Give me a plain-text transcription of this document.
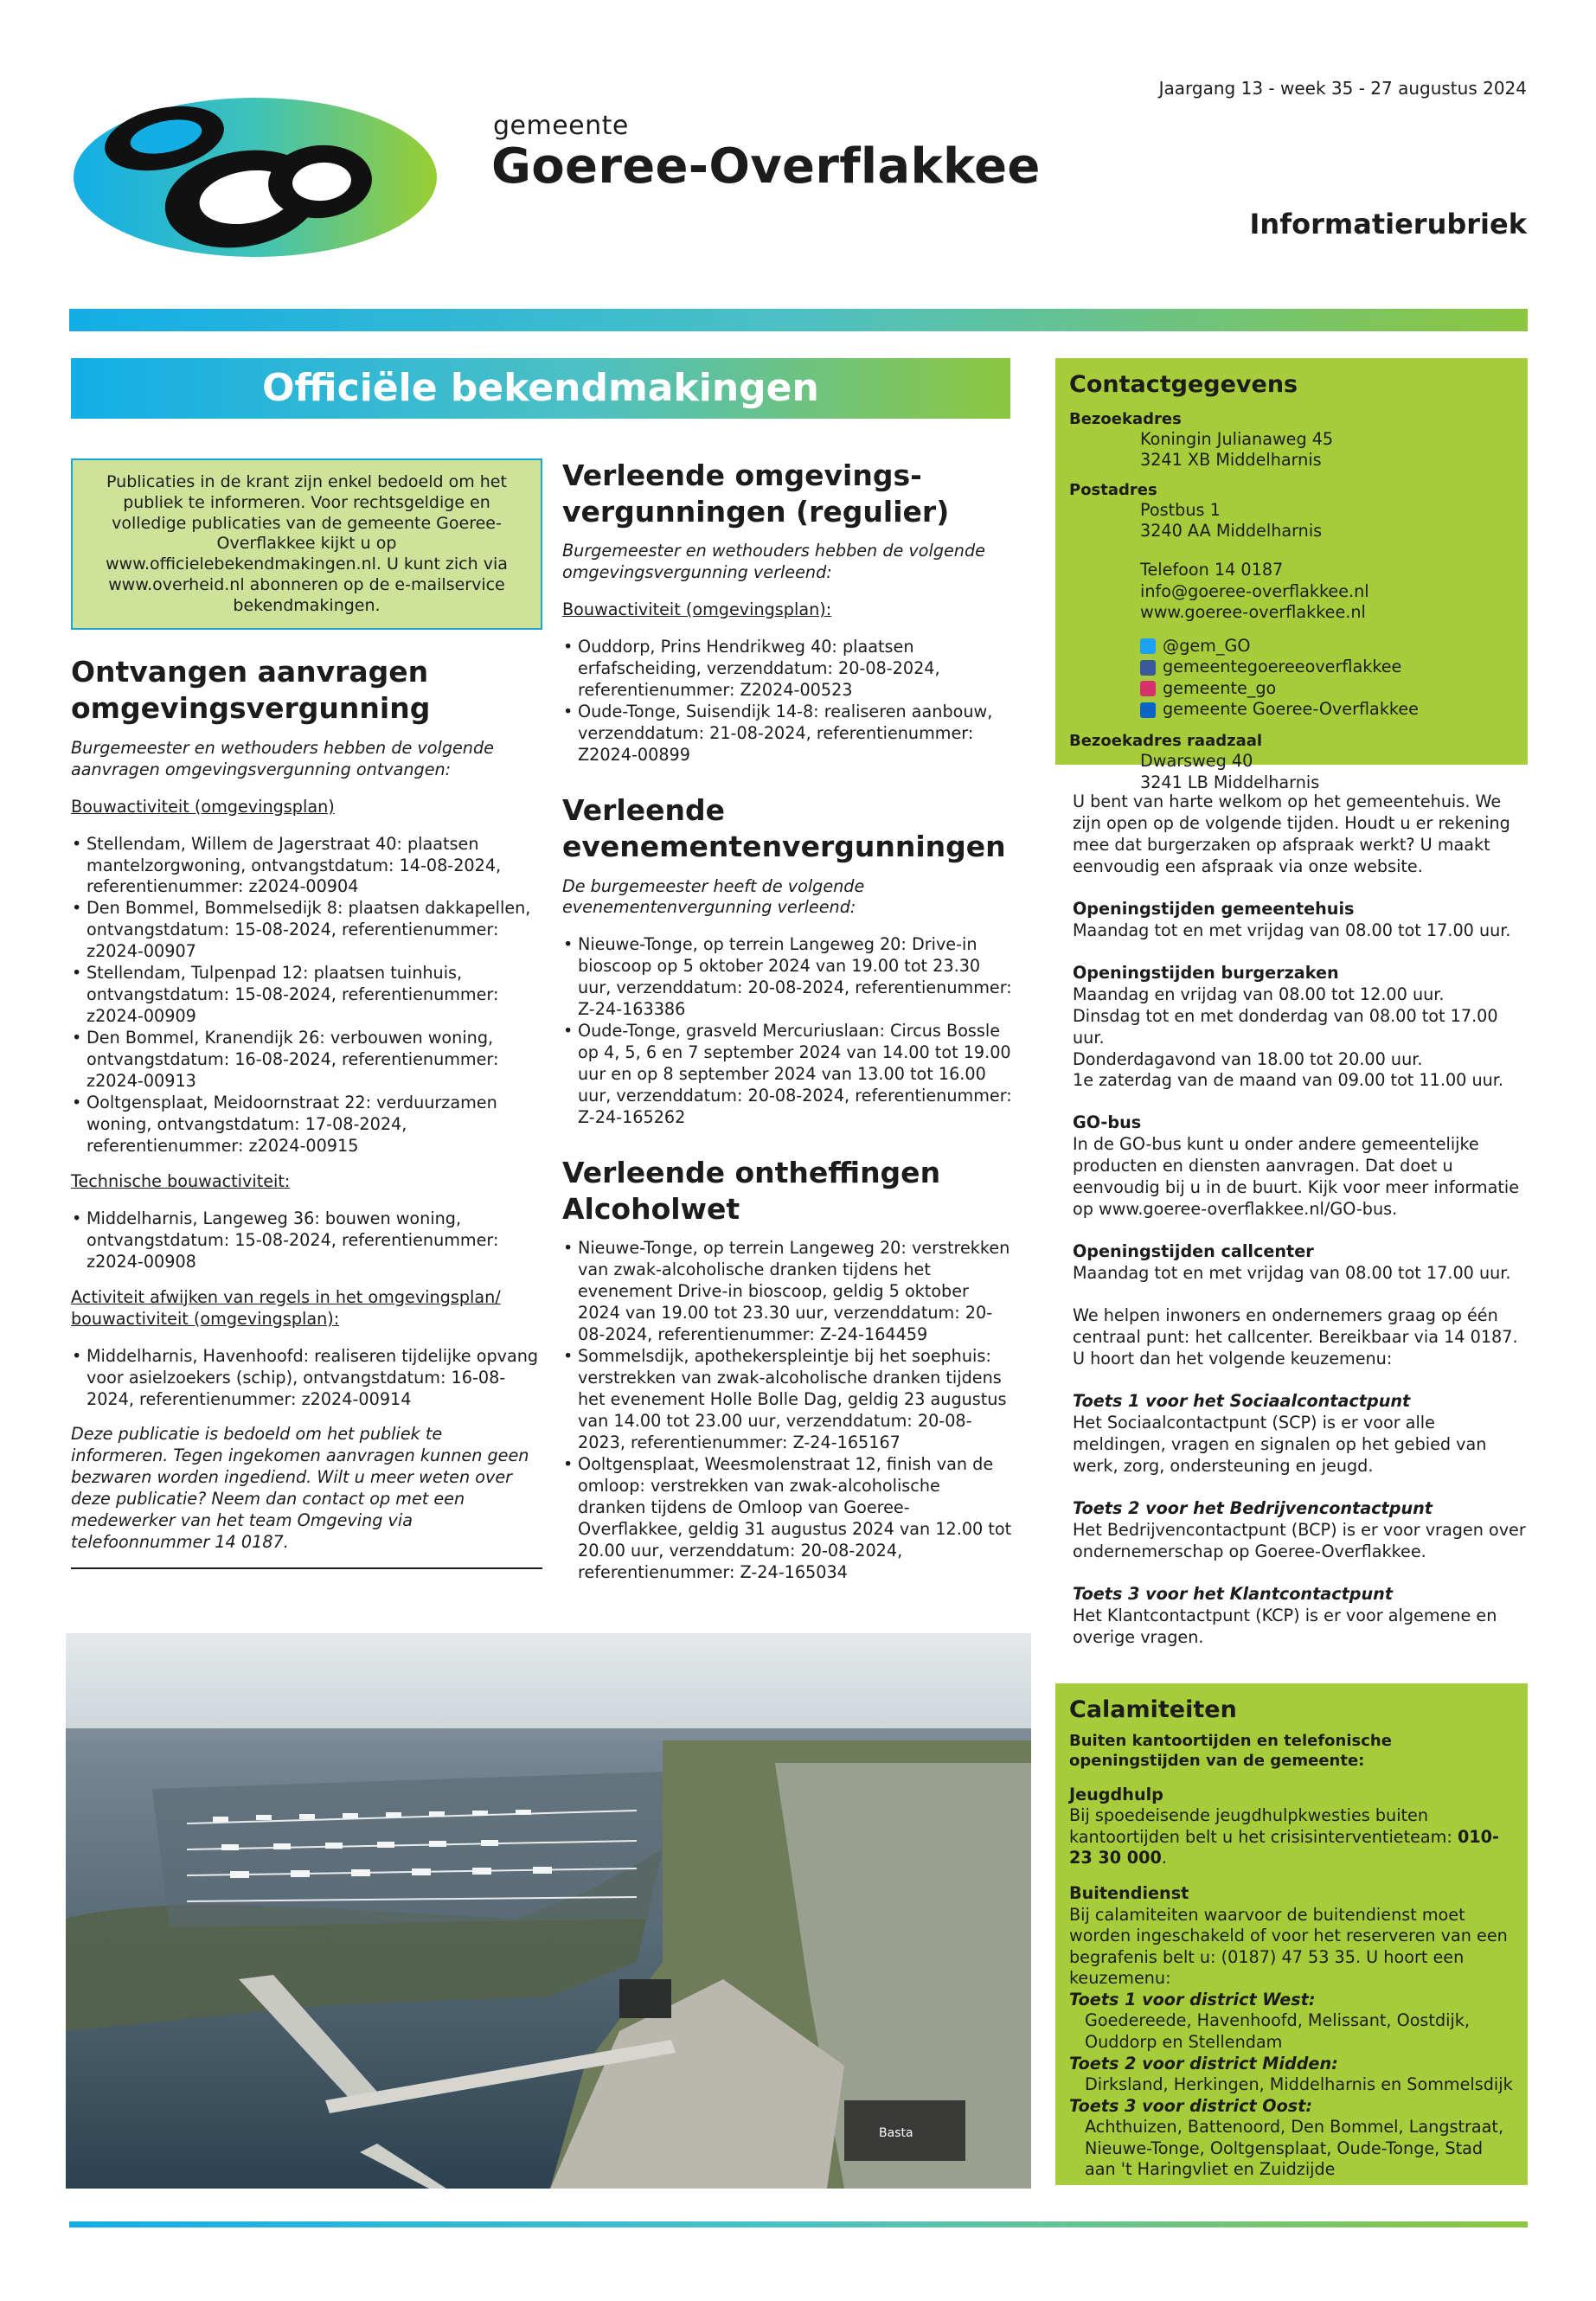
gemeente
Goeree-Overflakkee
Jaargang 13 - week 35 - 27 augustus 2024
Informatierubriek
Officiële bekendmakingen
Publicaties in de krant zijn enkel bedoeld om het publiek te informeren. Voor rechtsgeldige en volledige publicaties van de gemeente Goeree-Overflakkee kijkt u op www.officielebekendmakingen.nl. U kunt zich via www.overheid.nl abonneren op de e-mailservice bekendmakingen.
Ontvangen aanvragen omgevingsvergunning
Burgemeester en wethouders hebben de volgende aanvragen omgevingsvergunning ontvangen:
Bouwactiviteit (omgevingsplan)
• Stellendam, Willem de Jagerstraat 40: plaatsen mantelzorgwoning, ontvangstdatum: 14-08-2024, referentienummer: z2024-00904
• Den Bommel, Bommelsedijk 8: plaatsen dakkapellen, ontvangstdatum: 15-08-2024, referentienummer: z2024-00907
• Stellendam, Tulpenpad 12: plaatsen tuinhuis, ontvangstdatum: 15-08-2024, referentienummer: z2024-00909
• Den Bommel, Kranendijk 26: verbouwen woning, ontvangstdatum: 16-08-2024, referentienummer: z2024-00913
• Ooltgensplaat, Meidoornstraat 22: verduurzamen woning, ontvangstdatum: 17-08-2024, referentienummer: z2024-00915
Technische bouwactiviteit:
• Middelharnis, Langeweg 36: bouwen woning, ontvangstdatum: 15-08-2024, referentienummer: z2024-00908
Activiteit afwijken van regels in het omgevingsplan/ bouwactiviteit (omgevingsplan):
• Middelharnis, Havenhoofd: realiseren tijdelijke opvang voor asielzoekers (schip), ontvangstdatum: 16-08-2024, referentienummer: z2024-00914
Deze publicatie is bedoeld om het publiek te informeren. Tegen ingekomen aanvragen kunnen geen bezwaren worden ingediend. Wilt u meer weten over deze publicatie? Neem dan contact op met een medewerker van het team Omgeving via telefoonnummer 14 0187.
Verleende omgevings-vergunningen (regulier)
Burgemeester en wethouders hebben de volgende omgevingsvergunning verleend:
Bouwactiviteit (omgevingsplan):
• Ouddorp, Prins Hendrikweg 40: plaatsen erfafscheiding, verzenddatum: 20-08-2024, referentienummer: Z2024-00523
• Oude-Tonge, Suisendijk 14-8: realiseren aanbouw, verzenddatum: 21-08-2024, referentienummer: Z2024-00899
Verleende evenementenvergunningen
De burgemeester heeft de volgende evenementenvergunning verleend:
• Nieuwe-Tonge, op terrein Langeweg 20: Drive-in bioscoop op 5 oktober 2024 van 19.00 tot 23.30 uur, verzenddatum: 20-08-2024, referentienummer: Z-24-163386
• Oude-Tonge, grasveld Mercuriuslaan: Circus Bossle op 4, 5, 6 en 7 september 2024 van 14.00 tot 19.00 uur en op 8 september 2024 van 13.00 tot 16.00 uur, verzenddatum: 20-08-2024, referentienummer: Z-24-165262
Verleende ontheffingen Alcoholwet
• Nieuwe-Tonge, op terrein Langeweg 20: verstrekken van zwak-alcoholische dranken tijdens het evenement Drive-in bioscoop, geldig 5 oktober 2024 van 19.00 tot 23.30 uur, verzenddatum: 20-08-2024, referentienummer: Z-24-164459
• Sommelsdijk, apothekerspleintje bij het soephuis: verstrekken van zwak-alcoholische dranken tijdens het evenement Holle Bolle Dag, geldig 23 augustus van 14.00 tot 23.00 uur, verzenddatum: 20-08-2023, referentienummer: Z-24-165167
• Ooltgensplaat, Weesmolenstraat 12, finish van de omloop: verstrekken van zwak-alcoholische dranken tijdens de Omloop van Goeree-Overflakkee, geldig 31 augustus 2024 van 12.00 tot 20.00 uur, verzenddatum: 20-08-2024, referentienummer: Z-24-165034
Contactgegevens
Bezoekadres
Koningin Julianaweg 45
3241 XB Middelharnis
Postadres
Postbus 1
3240 AA Middelharnis
Telefoon 14 0187
info@goeree-overflakkee.nl
www.goeree-overflakkee.nl
@gem_GO
gemeentegoereeoverflakkee
gemeente_go
gemeente Goeree-Overflakkee
Bezoekadres raadzaal
Dwarsweg 40
3241 LB Middelharnis

U bent van harte welkom op het gemeentehuis. We zijn open op de volgende tijden. Houdt u er rekening mee dat burgerzaken op afspraak werkt? U maakt eenvoudig een afspraak via onze website.

Openingstijden gemeentehuis
Maandag tot en met vrijdag van 08.00 tot 17.00 uur.

Openingstijden burgerzaken
Maandag en vrijdag van 08.00 tot 12.00 uur.
Dinsdag tot en met donderdag van 08.00 tot 17.00 uur.
Donderdagavond van 18.00 tot 20.00 uur.
1e zaterdag van de maand van 09.00 tot 11.00 uur.

GO-bus
In de GO-bus kunt u onder andere gemeentelijke producten en diensten aanvragen. Dat doet u eenvoudig bij u in de buurt. Kijk voor meer informatie op www.goeree-overflakkee.nl/GO-bus.

Openingstijden callcenter
Maandag tot en met vrijdag van 08.00 tot 17.00 uur.

We helpen inwoners en ondernemers graag op één centraal punt: het callcenter. Bereikbaar via 14 0187. U hoort dan het volgende keuzemenu:

Toets 1 voor het Sociaalcontactpunt
Het Sociaalcontactpunt (SCP) is er voor alle meldingen, vragen en signalen op het gebied van werk, zorg, ondersteuning en jeugd.

Toets 2 voor het Bedrijvencontactpunt
Het Bedrijvencontactpunt (BCP) is er voor vragen over ondernemerschap op Goeree-Overflakkee.

Toets 3 voor het Klantcontactpunt
Het Klantcontactpunt (KCP) is er voor algemene en overige vragen.

Basta
Calamiteiten

Buiten kantoortijden en telefonische openingstijden van de gemeente:

Jeugdhulp
Bij spoedeisende jeugdhulpkwesties buiten kantoortijden belt u het crisisinterventieteam: 010-23 30 000.

Buitendienst
Bij calamiteiten waarvoor de buitendienst moet worden ingeschakeld of voor het reserveren van een begrafenis belt u: (0187) 47 53 35. U hoort een keuzemenu:
Toets 1 voor district West:
Goedereede, Havenhoofd, Melissant, Oostdijk, Ouddorp en Stellendam
Toets 2 voor district Midden:
Dirksland, Herkingen, Middelharnis en Sommelsdijk
Toets 3 voor district Oost:
Achthuizen, Battenoord, Den Bommel, Langstraat, Nieuwe-Tonge, Ooltgensplaat, Oude-Tonge, Stad aan 't Haringvliet en Zuidzijde
